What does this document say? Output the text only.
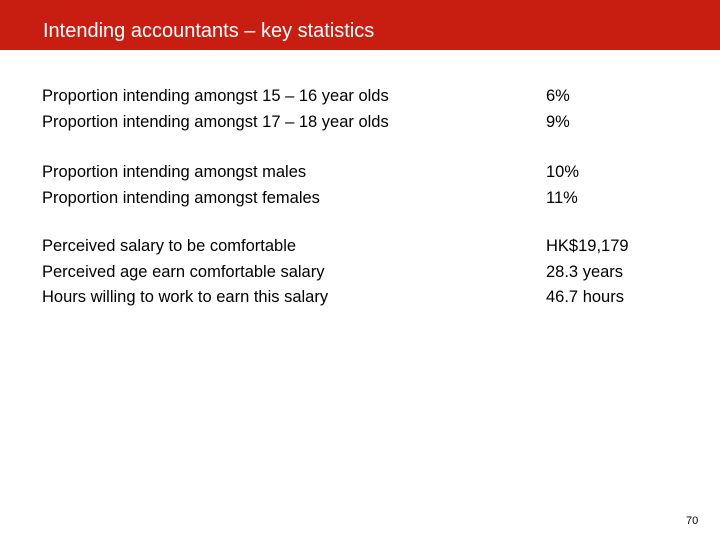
Intending accountants – key statistics
Proportion intending amongst 15 – 16 year olds	6%
Proportion intending amongst 17 – 18 year olds	9%
Proportion intending amongst males	10%
Proportion intending amongst females	11%
Perceived salary to be comfortable	HK$19,179
Perceived age earn comfortable salary	28.3 years
Hours willing to work to earn this salary	46.7 hours
70
